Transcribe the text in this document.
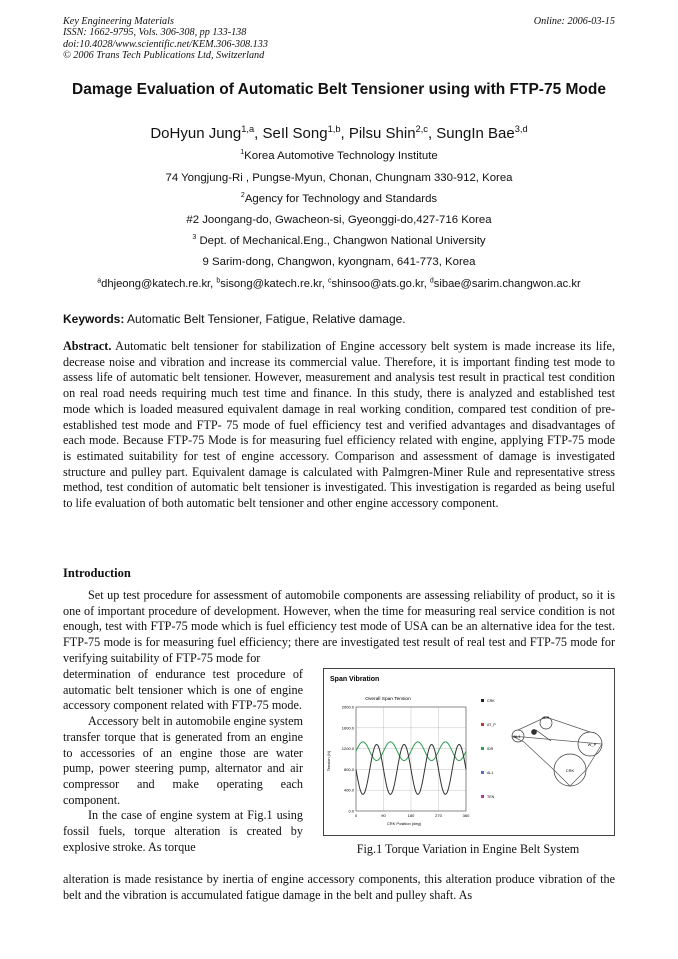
Key Engineering Materials
ISSN: 1662-9795, Vols. 306-308, pp 133-138
doi:10.4028/www.scientific.net/KEM.306-308.133
© 2006 Trans Tech Publications Ltd, Switzerland
Online: 2006-03-15
Damage Evaluation of Automatic Belt Tensioner using with FTP-75 Mode
DoHyun Jung$^{1,a}$, SeIl Song$^{1,b}$, Pilsu Shin$^{2,c}$, SungIn Bae$^{3,d}$
$^1$Korea Automotive Technology Institute
74 Yongjung-Ri , Pungse-Myun, Chonan, Chungnam 330-912, Korea
$^2$Agency for Technology and Standards
#2 Joongang-do, Gwacheon-si, Gyeonggi-do,427-716 Korea
$^3$ Dept. of Mechanical.Eng., Changwon National University
9 Sarim-dong, Changwon, kyongnam, 641-773, Korea
$^a$dhjeong@katech.re.kr, $^b$sisong@katech.re.kr, $^c$shinsoo@ats.go.kr, $^d$sibae@sarim.changwon.ac.kr
Keywords: Automatic Belt Tensioner, Fatigue, Relative damage.
Abstract. Automatic belt tensioner for stabilization of Engine accessory belt system is made increase its life, decrease noise and vibration and increase its commercial value. Therefore, it is important finding test mode to assess life of automatic belt tensioner. However, measurement and analysis test result in practical test condition on real road needs requiring much test time and finance. In this study, there is analyzed and established test mode which is loaded measured equivalent damage in real working condition, compared test condition of pre-established test mode and FTP- 75 mode of fuel efficiency test and verified advantages and disadvantages of each mode. Because FTP-75 Mode is for measuring fuel efficiency related with engine, applying FTP-75 mode is estimated suitability for test of engine accessory. Comparison and assessment of damage is investigated structure and pulley part. Equivalent damage is calculated with Palmgren-Miner Rule and representative stress method, test condition of automatic belt tensioner is investigated. This investigation is regarded as being useful to life evaluation of both automatic belt tensioner and other engine accessory component.
Introduction

Set up test procedure for assessment of automobile components are assessing reliability of product, so it is one of important procedure of development. However, when the time for measuring real service condition is not enough, test with FTP-75 mode which is fuel efficiency test mode of USA can be an alternative idea for the test. FTP-75 mode is for measuring fuel efficiency; there are investigated test result of real test and FTP-75 mode for verifying suitability of FTP-75 mode for

determination of endurance test procedure of automatic belt tensioner which is one of engine accessory component related with FTP-75 mode.

Accessory belt in automobile engine system transfer torque that is generated from an engine to accessories of an engine those are water pump, power steering pump, alternator and air compressor and make operating each component.

In the case of engine system at Fig.1 using fossil fuels, torque alteration is created by explosive stroke. As torque

Span Vibration
Overall Span Tension
0.0
400.0
800.0
1200.0
1600.0
2000.0
0	90	180	270	360
CRK Position (deg)
Tension (N)
CRK
AT_P
IDR
AL1
TEN
IDR
AL1
W_P
CRK
Fig.1 Torque Variation in Engine Belt System
alteration is made resistance by inertia of engine accessory components, this alteration produce vibration of the belt and the vibration is accumulated fatigue damage in the belt and pulley shaft. As
